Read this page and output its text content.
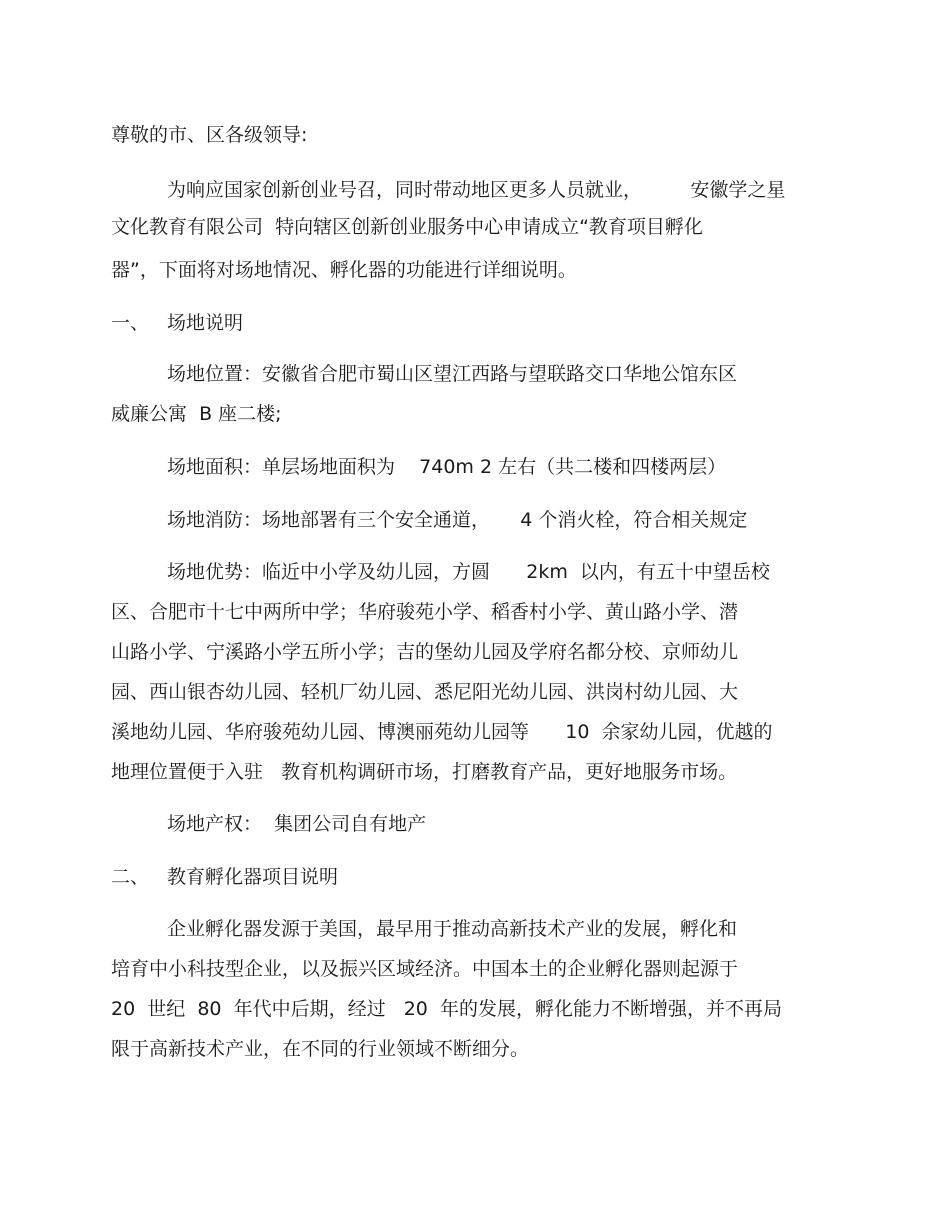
尊敬的市、区各级领导:
为响应国家创新创业号召，同时带动地区更多人员就业，        安徽学之星
文化教育有限公司  特向辖区创新创业服务中心申请成立“教育项目孵化
器”，下面将对场地情况、孵化器的功能进行详细说明。
一、 场地说明
场地位置：安徽省合肥市蜀山区望江西路与望联路交口华地公馆东区
威廉公寓  B 座二楼;
场地面积：单层场地面积为    740m 2 左右（共二楼和四楼两层）
场地消防：场地部署有三个安全通道，     4 个消火栓，符合相关规定
场地优势：临近中小学及幼儿园，方圆      2km  以内，有五十中望岳校
区、合肥市十七中两所中学；华府骏苑小学、稻香村小学、黄山路小学、潜
山路小学、宁溪路小学五所小学；吉的堡幼儿园及学府名都分校、京师幼儿
园、西山银杏幼儿园、轻机厂幼儿园、悉尼阳光幼儿园、洪岗村幼儿园、大
溪地幼儿园、华府骏苑幼儿园、博澳丽苑幼儿园等      10  余家幼儿园，优越的
地理位置便于入驻   教育机构调研市场，打磨教育产品，更好地服务市场。
场地产权：  集团公司自有地产
二、 教育孵化器项目说明
企业孵化器发源于美国，最早用于推动高新技术产业的发展，孵化和
培育中小科技型企业，以及振兴区域经济。中国本土的企业孵化器则起源于
20  世纪  80  年代中后期，经过   20  年的发展，孵化能力不断增强，并不再局
限于高新技术产业，在不同的行业领域不断细分。
